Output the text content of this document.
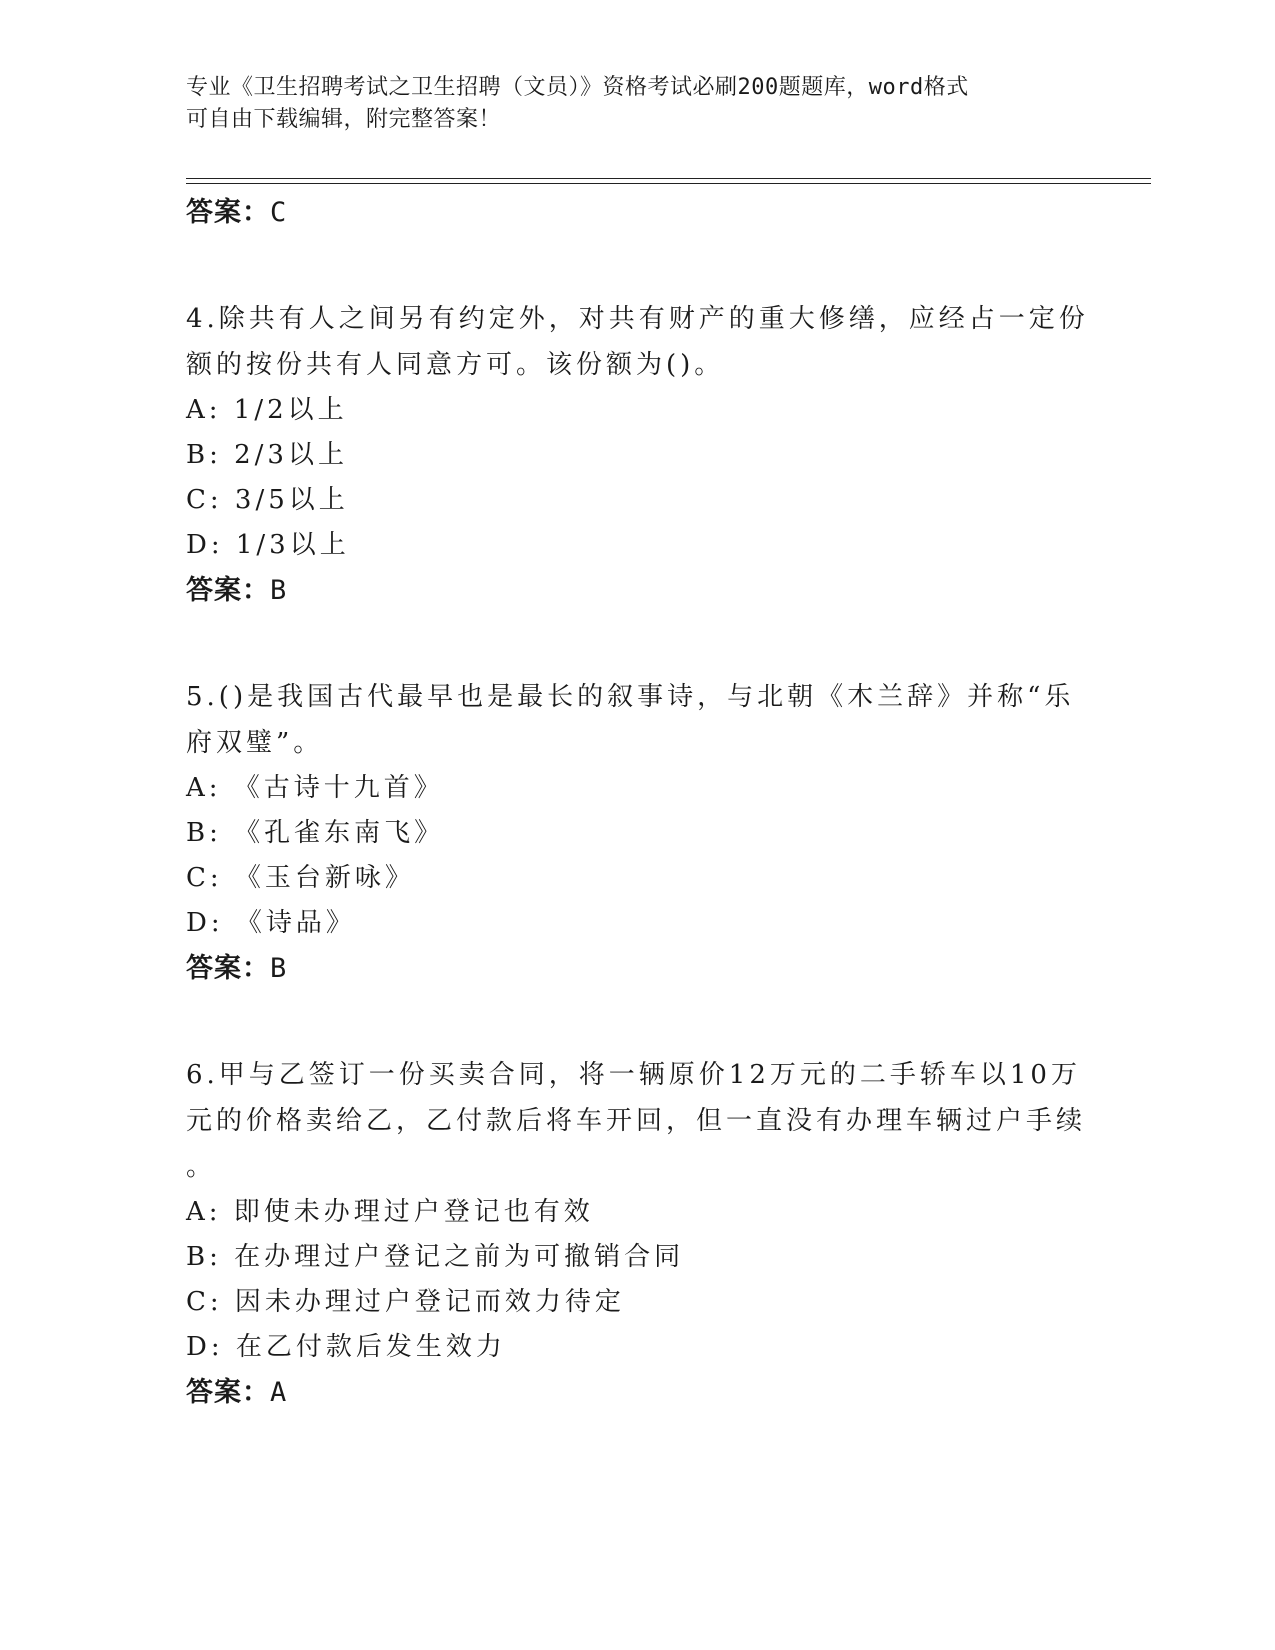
专业《卫生招聘考试之卫生招聘（文员）》资格考试必刷200题题库，word格式
可自由下载编辑，附完整答案！
答案：C
4.除共有人之间另有约定外，对共有财产的重大修缮，应经占一定份
额的按份共有人同意方可。该份额为()。
A: 1/2以上
B: 2/3以上
C: 3/5以上
D: 1/3以上
答案：B
5.()是我国古代最早也是最长的叙事诗，与北朝《木兰辞》并称“乐
府双璧”。
A: 《古诗十九首》
B: 《孔雀东南飞》
C: 《玉台新咏》
D: 《诗品》
答案：B
6.甲与乙签订一份买卖合同，将一辆原价12万元的二手轿车以10万
元的价格卖给乙，乙付款后将车开回，但一直没有办理车辆过户手续
。
A: 即使未办理过户登记也有效
B: 在办理过户登记之前为可撤销合同
C: 因未办理过户登记而效力待定
D: 在乙付款后发生效力
答案：A
